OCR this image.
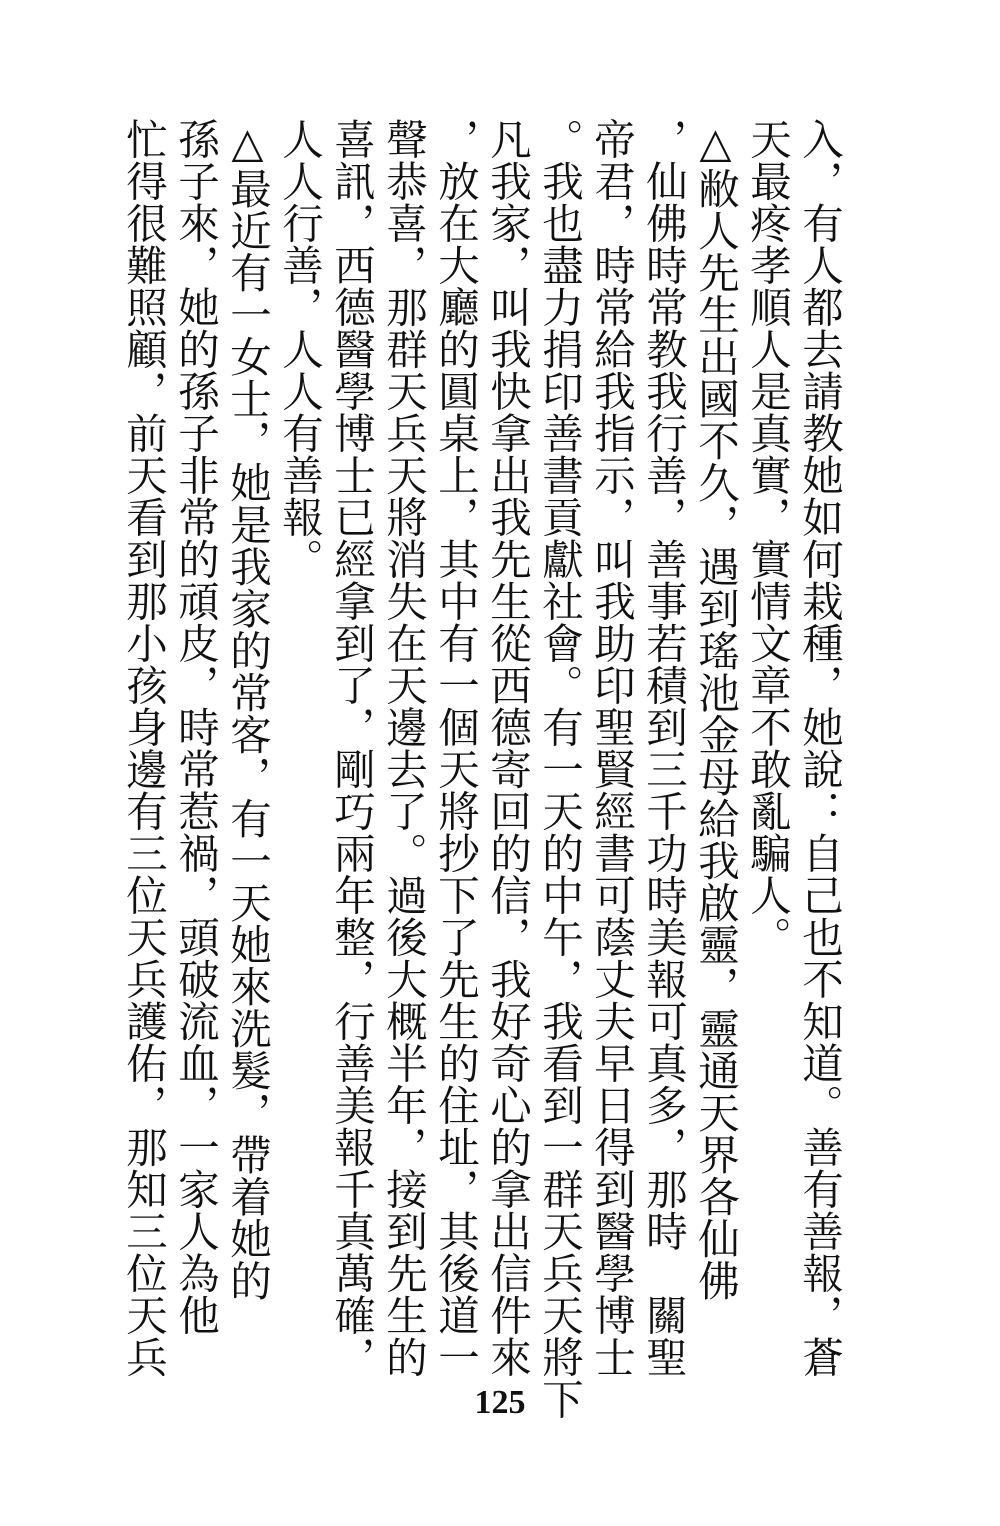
入，有人都去請教她如何栽種，她說：自己也不知道。善有善報，蒼
天最疼孝順人是真實，實情文章不敢亂騙人。
△敝人先生出國不久，遇到瑤池金母給我啟靈，靈通天界各仙佛
，仙佛時常教我行善，善事若積到三千功時美報可真多，那時　關聖
帝君，時常給我指示，叫我助印聖賢經書可蔭丈夫早日得到醫學博士
。我也盡力捐印善書貢獻社會。有一天的中午，我看到一群天兵天將下
凡我家，叫我快拿出我先生從西德寄回的信，我好奇心的拿出信件來
，放在大廳的圓桌上，其中有一個天將抄下了先生的住址，其後道一
聲恭喜，那群天兵天將消失在天邊去了。過後大概半年，接到先生的
喜訊，西德醫學博士已經拿到了，剛巧兩年整，行善美報千真萬確，
人人行善，人人有善報。
△最近有一女士，她是我家的常客，有一天她來洗髮，帶着她的
孫子來，她的孫子非常的頑皮，時常惹禍，頭破流血，一家人為他
忙得很難照顧，前天看到那小孩身邊有三位天兵護佑，那知三位天兵
125
